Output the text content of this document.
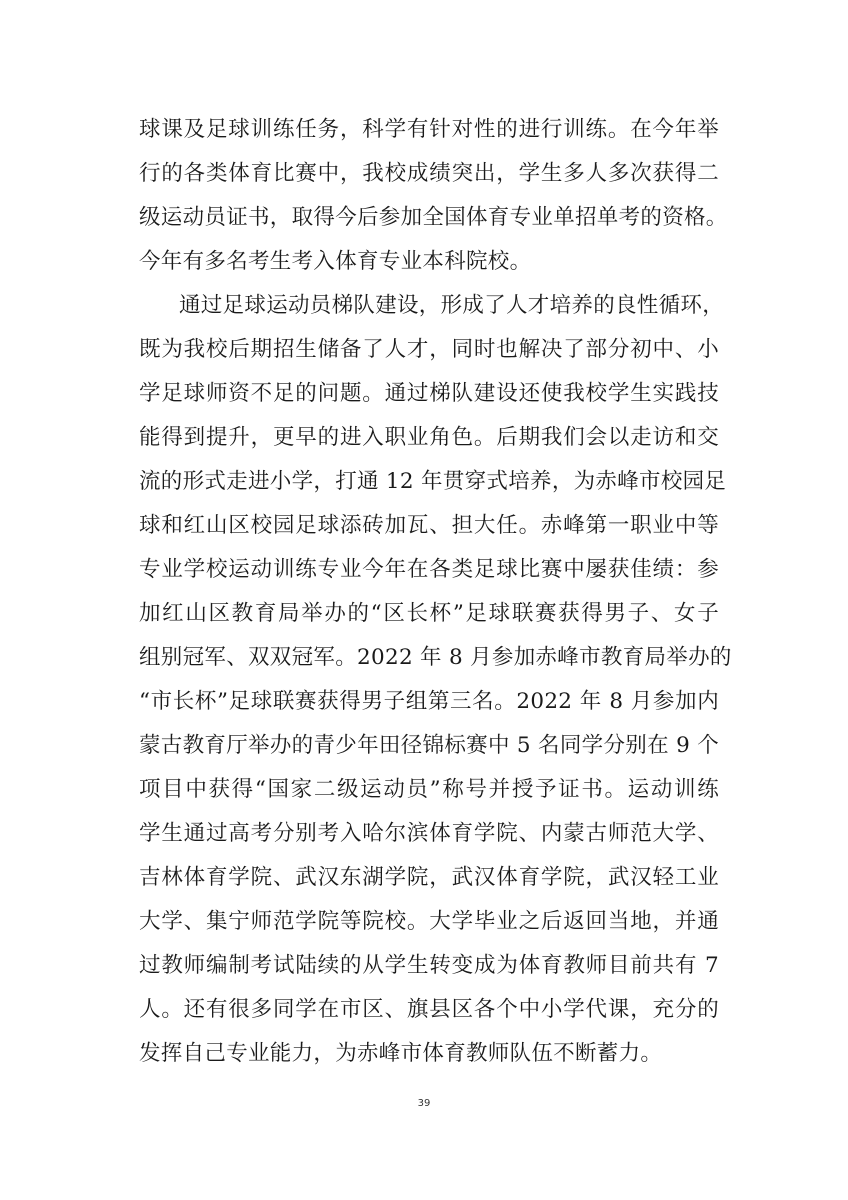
球课及足球训练任务，科学有针对性的进行训练。在今年举
行的各类体育比赛中，我校成绩突出，学生多人多次获得二
级运动员证书，取得今后参加全国体育专业单招单考的资格。
今年有多名考生考入体育专业本科院校。
通过足球运动员梯队建设，形成了人才培养的良性循环，
既为我校后期招生储备了人才，同时也解决了部分初中、小
学足球师资不足的问题。通过梯队建设还使我校学生实践技
能得到提升，更早的进入职业角色。后期我们会以走访和交
流的形式走进小学，打通 12 年贯穿式培养，为赤峰市校园足
球和红山区校园足球添砖加瓦、担大任。赤峰第一职业中等
专业学校运动训练专业今年在各类足球比赛中屡获佳绩：参
加红山区教育局举办的“区长杯”足球联赛获得男子、女子
组别冠军、双双冠军。2022 年 8 月参加赤峰市教育局举办的
“市长杯”足球联赛获得男子组第三名。2022 年 8 月参加内
蒙古教育厅举办的青少年田径锦标赛中 5 名同学分别在 9 个
项目中获得“国家二级运动员”称号并授予证书。运动训练
学生通过高考分别考入哈尔滨体育学院、内蒙古师范大学、
吉林体育学院、武汉东湖学院，武汉体育学院，武汉轻工业
大学、集宁师范学院等院校。大学毕业之后返回当地，并通
过教师编制考试陆续的从学生转变成为体育教师目前共有 7
人。还有很多同学在市区、旗县区各个中小学代课，充分的
发挥自己专业能力，为赤峰市体育教师队伍不断蓄力。
39
